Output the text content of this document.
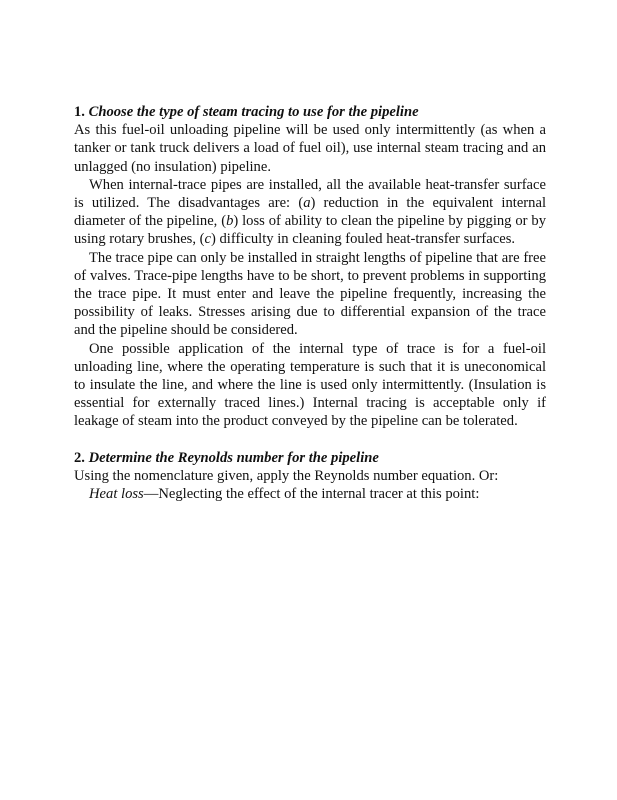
1. Choose the type of steam tracing to use for the pipeline

As this fuel-oil unloading pipeline will be used only intermittently (as when a tanker or tank truck delivers a load of fuel oil), use internal steam tracing and an unlagged (no insulation) pipeline.

When internal-trace pipes are installed, all the available heat-transfer surface is utilized. The disadvantages are: (a) reduction in the equivalent internal diameter of the pipeline, (b) loss of ability to clean the pipeline by pigging or by using rotary brushes, (c) difficulty in cleaning fouled heat-transfer surfaces.

The trace pipe can only be installed in straight lengths of pipeline that are free of valves. Trace-pipe lengths have to be short, to prevent problems in supporting the trace pipe. It must enter and leave the pipeline frequently, increasing the possibility of leaks. Stresses arising due to differential expansion of the trace and the pipeline should be considered.

One possible application of the internal type of trace is for a fuel-oil unloading line, where the operating temperature is such that it is uneconomical to insulate the line, and where the line is used only intermittently. (Insulation is essential for externally traced lines.) Internal tracing is acceptable only if leakage of steam into the product conveyed by the pipeline can be tolerated.

2. Determine the Reynolds number for the pipeline

Using the nomenclature given, apply the Reynolds number equation. Or:

Heat loss—Neglecting the effect of the internal tracer at this point:
